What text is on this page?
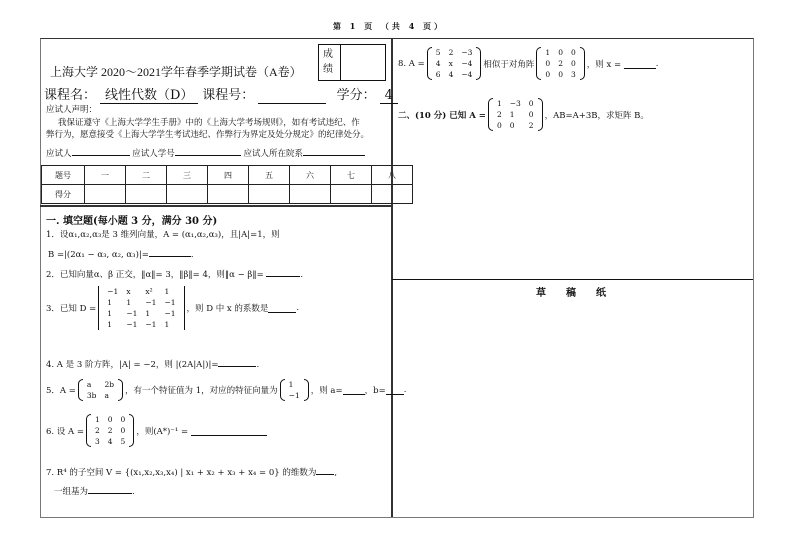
第 1 页 （共 4 页）
上海大学 2020～2021学年春季学期试卷（A卷）
成绩
课程名： 线性代数（D） 课程号：	学分： 4
应试人声明：
我保证遵守《上海大学学生手册》中的《上海大学考场规则》，如有考试违纪、作
弊行为，愿意接受《上海大学学生考试违纪、作弊行为界定及处分规定》的纪律处分。
应试人	应试人学号	应试人所在院系
题号	一	二	三	四	五	六	七	八
得分								
一. 填空题(每小题 3 分，满分 30 分)
1．设α₁,α₂,α₃是 3 维列向量，A = (α₁,α₂,α₃)，且|A|=1，则
B =|(2α₁ − α₃, α₂, α₃)|=	.
2．已知向量α、β 正交，‖α‖= 3，‖β‖= 4，则‖α − β‖=	.
3．已知 D =
−1	x	x²	1
1	1	−1	−1
1	−1	1	−1
1	−1	−1	1
，则 D 中 x 的系数是	.
4. A 是 3 阶方阵，|A| = −2，则 |(2A|A|)|=	.
5．A =
a	2b
3b	a ，有一个特征值为 1，对应的特征向量为
1
−1 ，则 a=	，b= .
6. 设 A =
1	0	0
2	2	0
3	4	5
，则(A*)⁻¹ =

7. R⁴ 的子空间 V = {(x₁,x₂,x₃,x₄) | x₁ + x₂ + x₃ + x₄ = 0} 的维数为 ,
一组基为	.
8. A =
5	2	−3
4	x	−4
6	4	−4
相似于对角阵
1	0	0
0	2	0
0	0	3
，则 x =
	.
二、(10 分) 已知 A =
1	−3	0
2	1	0
0	0	2
，AB=A+3B，求矩阵 B。
草　　稿　　纸
